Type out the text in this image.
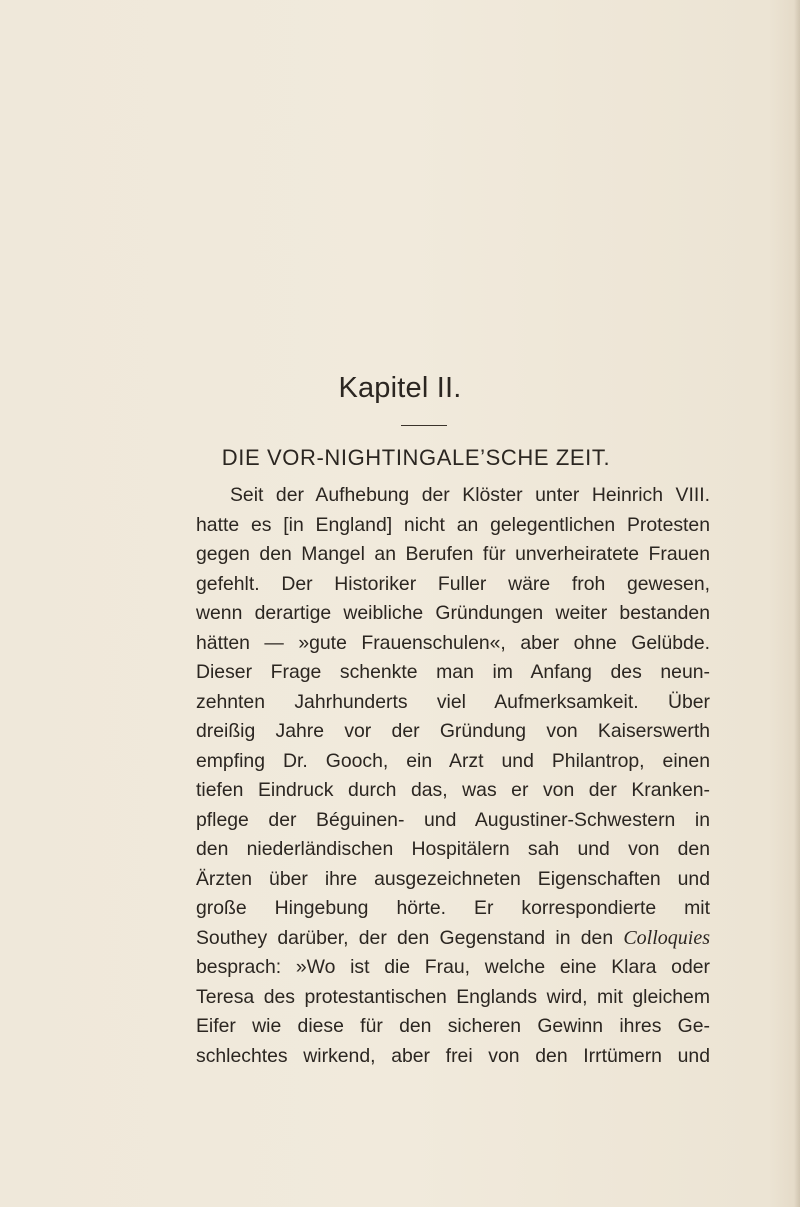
Kapitel II.
DIE VOR-NIGHTINGALE’SCHE ZEIT.
Seit der Aufhebung der Klöster unter Heinrich VIII.
hatte es [in England] nicht an gelegentlichen Protesten
gegen den Mangel an Berufen für unverheiratete Frauen
gefehlt. Der Historiker Fuller wäre froh gewesen,
wenn derartige weibliche Gründungen weiter bestanden
hätten — »gute Frauenschulen«, aber ohne Gelübde.
Dieser Frage schenkte man im Anfang des neun-
zehnten Jahrhunderts viel Aufmerksamkeit. Über
dreißig Jahre vor der Gründung von Kaiserswerth
empfing Dr. Gooch, ein Arzt und Philantrop, einen
tiefen Eindruck durch das, was er von der Kranken-
pflege der Béguinen- und Augustiner-Schwestern in
den niederländischen Hospitälern sah und von den
Ärzten über ihre ausgezeichneten Eigenschaften und
große Hingebung hörte. Er korrespondierte mit
Southey darüber, der den Gegenstand in den Colloquies
besprach: »Wo ist die Frau, welche eine Klara oder
Teresa des protestantischen Englands wird, mit gleichem
Eifer wie diese für den sicheren Gewinn ihres Ge-
schlechtes wirkend, aber frei von den Irrtümern und
